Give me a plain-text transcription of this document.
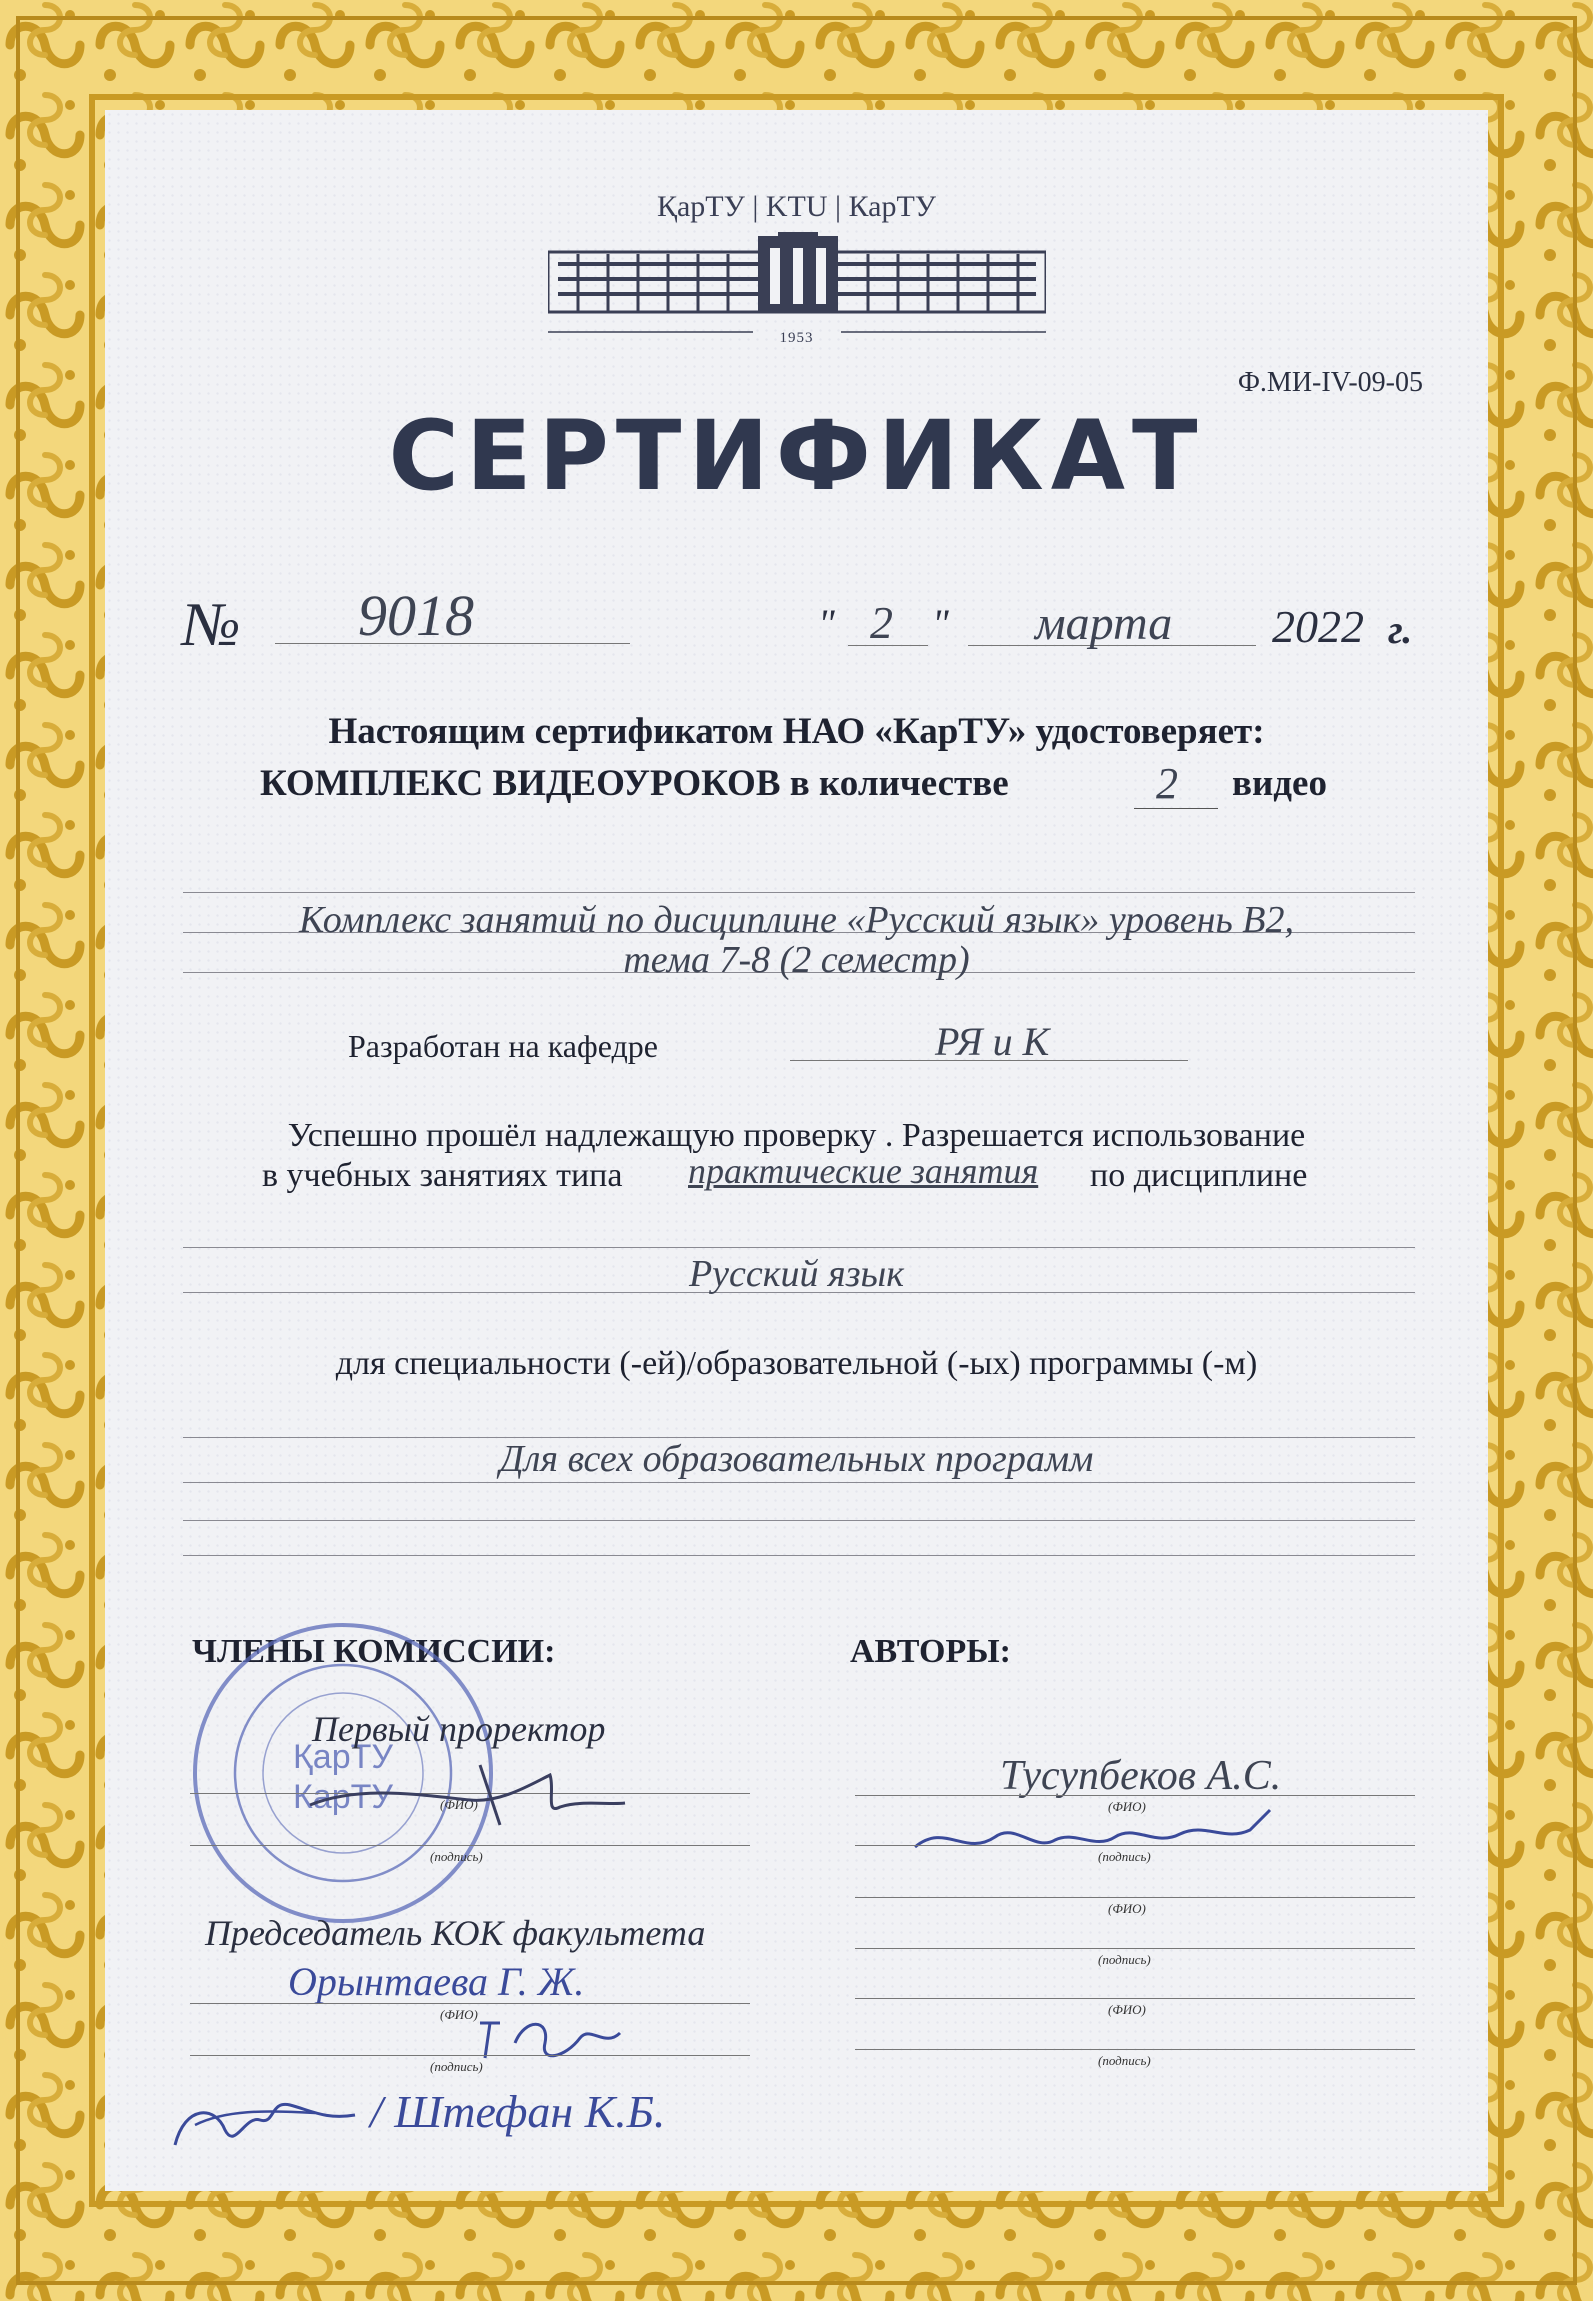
ҚарТУ | KTU | КарТУ
1953
Ф.МИ-IV-09-05
СЕРТИФИКАТ
№ 9018	" 2 " марта 2022 г.
Настоящим сертификатом НАО «КарТУ» удостоверяет:
КОМПЛЕКС ВИДЕОУРОКОВ в количестве	2 видео
Комплекс занятий по дисциплине «Русский язык» уровень В2,
тема 7-8 (2 семестр)
Разработан на кафедре	РЯ и К
Успешно прошёл надлежащую проверку . Разрешается использование
в учебных занятиях типа практические занятия по дисциплине
Русский язык
для специальности (-ей)/образовательной (-ых) программы (-м)
Для всех образовательных программ
ЧЛЕНЫ КОМИССИИ:	АВТОРЫ:
ҚарТУ
КарТУ
Первый проректор
(ФИО)
(подпись)
Председатель КОК факультета
Орынтаева Г. Ж.
(ФИО)
(подпись)
/ Штефан К.Б.
Тусупбеков А.С.
(ФИО)
(подпись)
(ФИО)
(подпись)
(ФИО)
(подпись)
